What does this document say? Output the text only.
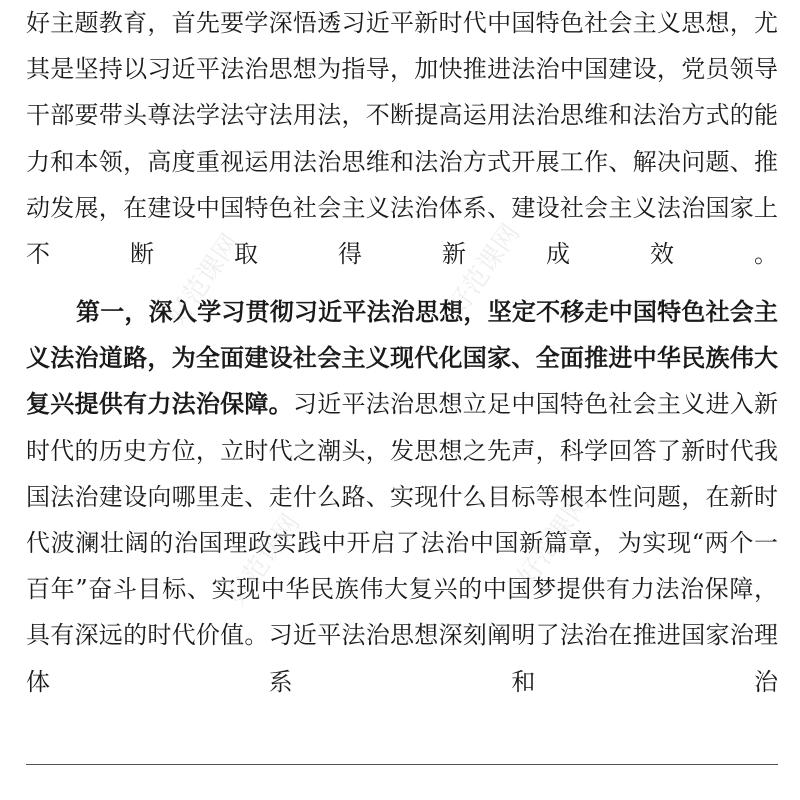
好主题教育，首先要学深悟透习近平新时代中国特色社会主义思想，尤其是坚持以习近平法治思想为指导，加快推进法治中国建设，党员领导干部要带头尊法学法守法用法，不断提高运用法治思维和法治方式的能力和本领，高度重视运用法治思维和法治方式开展工作、解决问题、推动发展，在建设中国特色社会主义法治体系、建设社会主义法治国家上不断取得新成效。

第一，深入学习贯彻习近平法治思想，坚定不移走中国特色社会主义法治道路，为全面建设社会主义现代化国家、全面推进中华民族伟大复兴提供有力法治保障。习近平法治思想立足中国特色社会主义进入新时代的历史方位，立时代之潮头，发思想之先声，科学回答了新时代我国法治建设向哪里走、走什么路、实现什么目标等根本性问题，在新时代波澜壮阔的治国理政实践中开启了法治中国新篇章，为实现“两个一百年”奋斗目标、实现中华民族伟大复兴的中国梦提供有力法治保障，具有深远的时代价值。习近平法治思想深刻阐明了法治在推进国家治理体系和治

好范课网	好范课网
好范课网	好范课网
